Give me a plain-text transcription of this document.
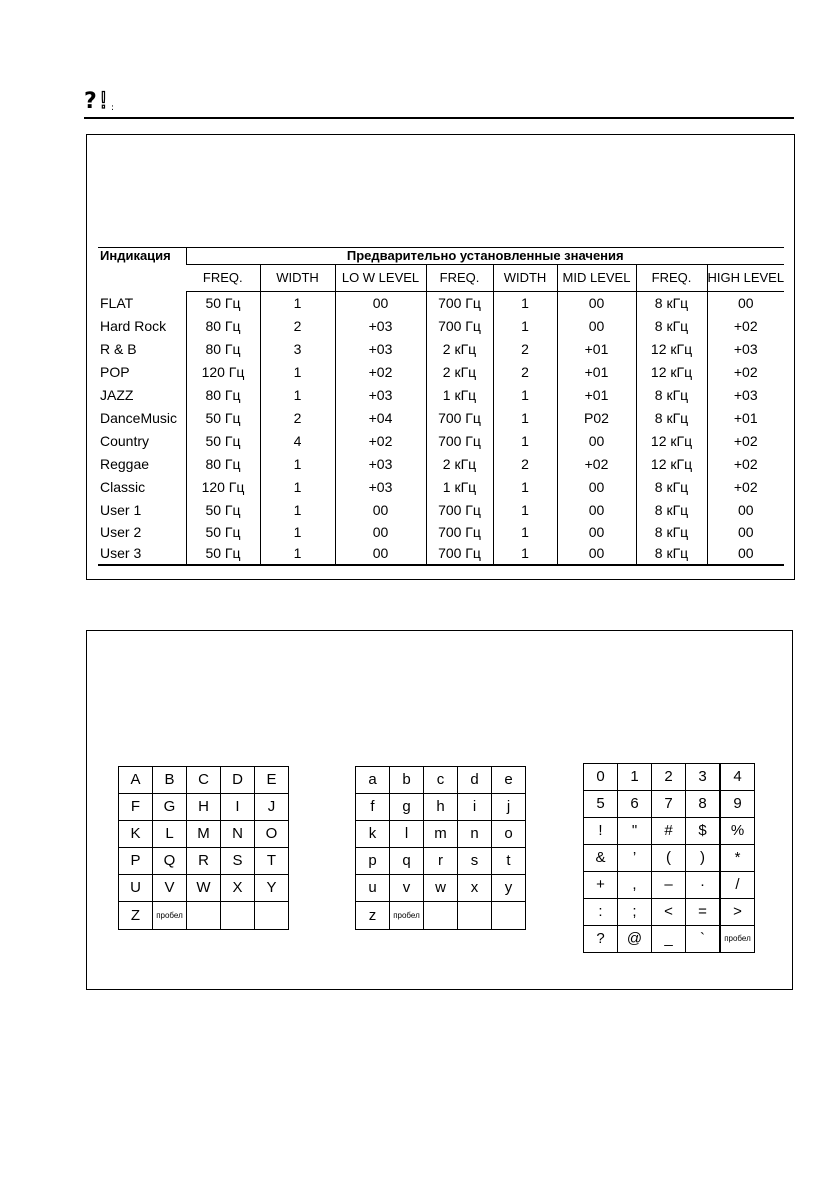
? ! :
Индикация	Предварительно установленные значения							
	FREQ.	WIDTH	LO W LEVEL	FREQ.	WIDTH	MID LEVEL	FREQ.	HIGH LEVEL
FLAT	50 Гц	1	00	700 Гц	1	00	8 кГц	00
Hard Rock	80 Гц	2	+03	700 Гц	1	00	8 кГц	+02
R & B	80 Гц	3	+03	2 кГц	2	+01	12 кГц	+03
POP	120 Гц	1	+02	2 кГц	2	+01	12 кГц	+02
JAZZ	80 Гц	1	+03	1 кГц	1	+01	8 кГц	+03
DanceMusic	50 Гц	2	+04	700 Гц	1	P02	8 кГц	+01
Country	50 Гц	4	+02	700 Гц	1	00	12 кГц	+02
Reggae	80 Гц	1	+03	2 кГц	2	+02	12 кГц	+02
Classic	120 Гц	1	+03	1 кГц	1	00	8 кГц	+02
User 1	50 Гц	1	00	700 Гц	1	00	8 кГц	00
User 2	50 Гц	1	00	700 Гц	1	00	8 кГц	00
User 3	50 Гц	1	00	700 Гц	1	00	8 кГц	00
A	B	C	D	E
F	G	H	I	J
K	L	M	N	O
P	Q	R	S	T
U	V	W	X	Y
Z	пробел			
a	b	c	d	e
f	g	h	i	j
k	l	m	n	o
p	q	r	s	t
u	v	w	x	y
z	пробел			
0	1	2	3	4
5	6	7	8	9
!	"	#	$	%
&	’	(	)	*
+	,	–	·	/
:	;	<	=	>
?	@	_	`	пробел
